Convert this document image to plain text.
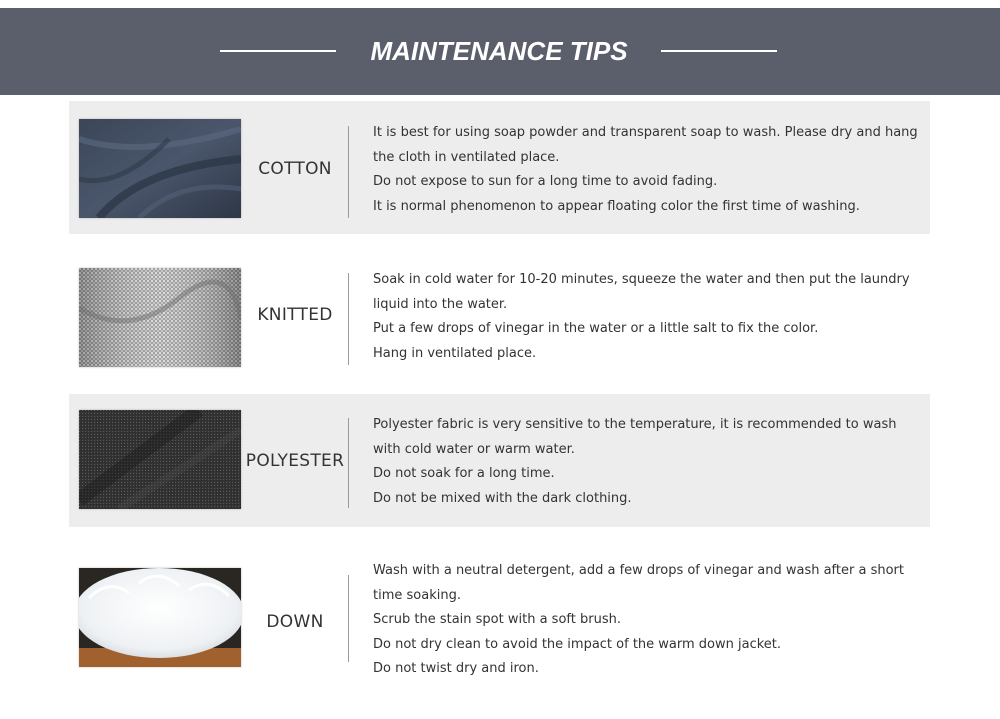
MAINTENANCE TIPS
COTTON
It is best for using soap powder and transparent soap to wash. Please dry and hang the cloth in ventilated place.
Do not expose to sun for a long time to avoid fading.
It is normal phenomenon to appear floating color the first time of washing.
KNITTED
Soak in cold water for 10-20 minutes, squeeze the water and then put the laundry liquid into the water.
Put a few drops of vinegar in the water or a little salt to fix the color.
Hang in ventilated place.
POLYESTER
Polyester fabric is very sensitive to the temperature, it is recommended to wash with cold water or warm water.
Do not soak for a long time.
Do not be mixed with the dark clothing.
DOWN
Wash with a neutral detergent, add a few drops of vinegar and wash after a short time soaking.
Scrub the stain spot with a soft brush.
Do not dry clean to avoid the impact of the warm down jacket.
Do not twist dry and iron.
